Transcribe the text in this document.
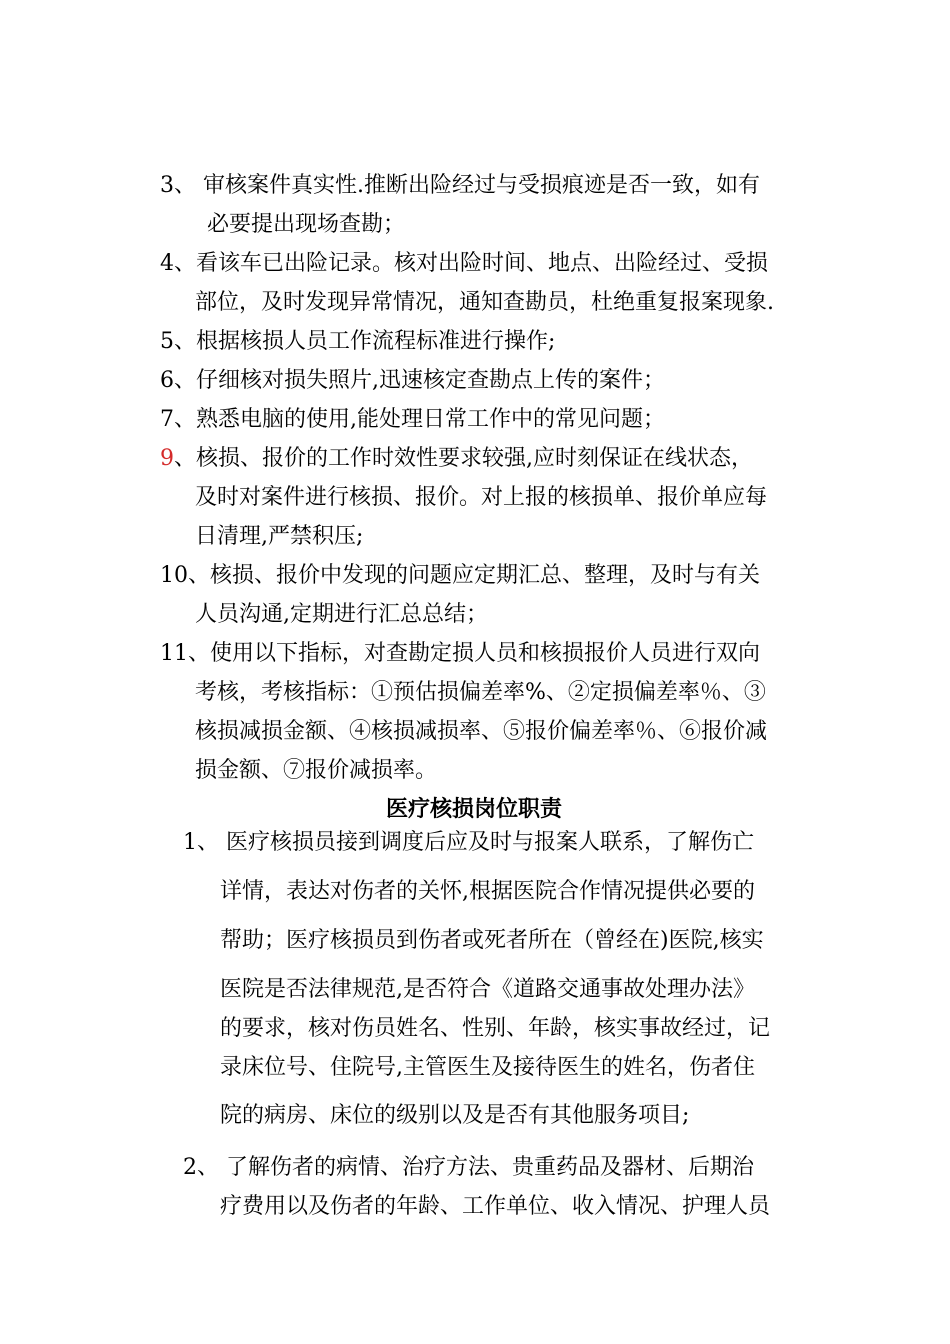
3、 审核案件真实性.推断出险经过与受损痕迹是否一致，如有
必要提出现场查勘；
4、看该车已出险记录。核对出险时间、地点、出险经过、受损
部位，及时发现异常情况，通知查勘员，杜绝重复报案现象.
5、根据核损人员工作流程标准进行操作;
6、仔细核对损失照片,迅速核定查勘点上传的案件；
7、熟悉电脑的使用,能处理日常工作中的常见问题；
9、核损、报价的工作时效性要求较强,应时刻保证在线状态，
及时对案件进行核损、报价。对上报的核损单、报价单应每
日清理,严禁积压;
10、核损、报价中发现的问题应定期汇总、整理，及时与有关
人员沟通,定期进行汇总总结；
11、使用以下指标，对查勘定损人员和核损报价人员进行双向
考核，考核指标：①预估损偏差率%、②定损偏差率％、③
核损减损金额、④核损减损率、⑤报价偏差率％、⑥报价减
损金额、⑦报价减损率。
医疗核损岗位职责
1、 医疗核损员接到调度后应及时与报案人联系，了解伤亡
详情，表达对伤者的关怀,根据医院合作情况提供必要的
帮助；医疗核损员到伤者或死者所在（曾经在)医院,核实
医院是否法律规范,是否符合《道路交通事故处理办法》
的要求，核对伤员姓名、性别、年龄，核实事故经过，记
录床位号、住院号,主管医生及接待医生的姓名，伤者住
院的病房、床位的级别以及是否有其他服务项目;
2、 了解伤者的病情、治疗方法、贵重药品及器材、后期治
疗费用以及伤者的年龄、工作单位、收入情况、护理人员
